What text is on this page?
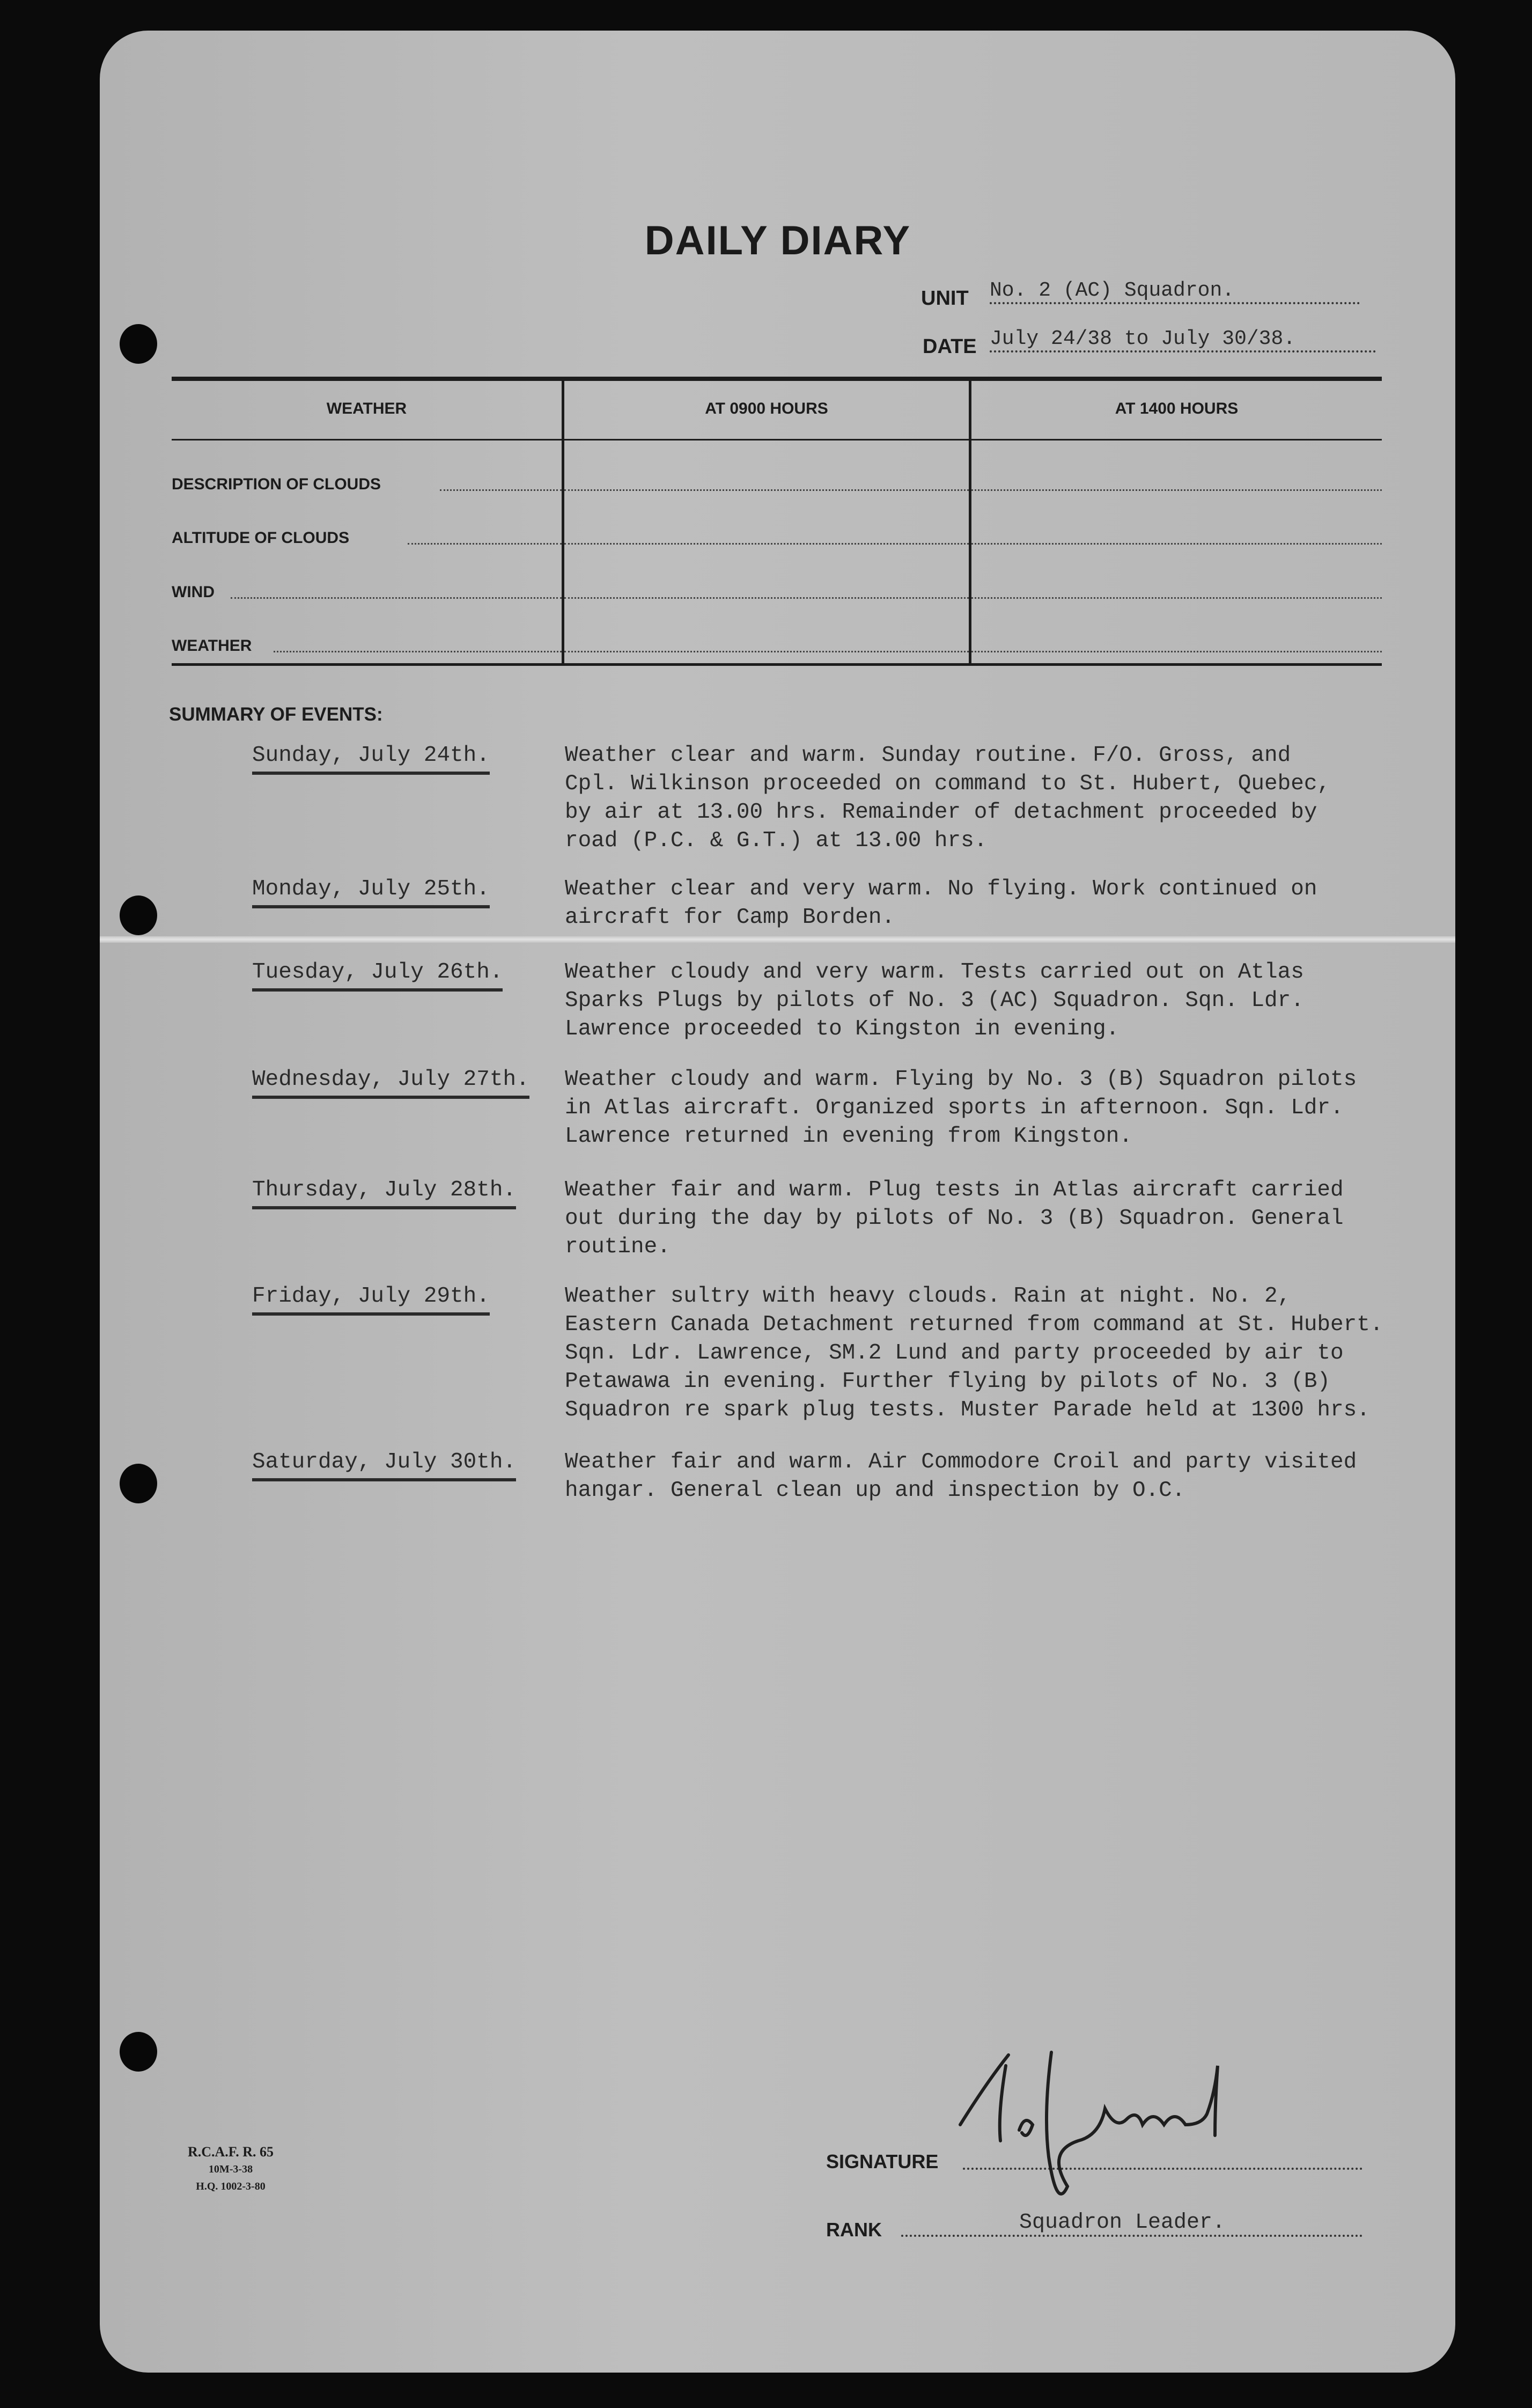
DAILY DIARY
UNIT No. 2 (AC) Squadron.
DATE July 24/38 to July 30/38.
WEATHER	AT 0900 HOURS	AT 1400 HOURS
DESCRIPTION OF CLOUDS
ALTITUDE OF CLOUDS
WIND
WEATHER
SUMMARY OF EVENTS:
Sunday, July 24th.	Weather clear and warm. Sunday routine. F/O. Gross, and
Cpl. Wilkinson proceeded on command to St. Hubert, Quebec,
by air at 13.00 hrs. Remainder of detachment proceeded by
road (P.C. & G.T.) at 13.00 hrs.
Monday, July 25th.	Weather clear and very warm. No flying. Work continued on
aircraft for Camp Borden.
Tuesday, July 26th.	Weather cloudy and very warm. Tests carried out on Atlas
Sparks Plugs by pilots of No. 3 (AC) Squadron. Sqn. Ldr.
Lawrence proceeded to Kingston in evening.
Wednesday, July 27th. Weather cloudy and warm. Flying by No. 3 (B) Squadron pilots
in Atlas aircraft. Organized sports in afternoon. Sqn. Ldr.
Lawrence returned in evening from Kingston.
Thursday, July 28th. Weather fair and warm. Plug tests in Atlas aircraft carried
out during the day by pilots of No. 3 (B) Squadron. General
routine.
Friday, July 29th.	Weather sultry with heavy clouds. Rain at night. No. 2,
Eastern Canada Detachment returned from command at St. Hubert.
Sqn. Ldr. Lawrence, SM.2 Lund and party proceeded by air to
Petawawa in evening. Further flying by pilots of No. 3 (B)
Squadron re spark plug tests. Muster Parade held at 1300 hrs.
Saturday, July 30th. Weather fair and warm. Air Commodore Croil and party visited
hangar. General clean up and inspection by O.C.
R.C.A.F. R. 65
10M-3-38
H.Q. 1002-3-80
SIGNATURE
RANK	Squadron Leader.
